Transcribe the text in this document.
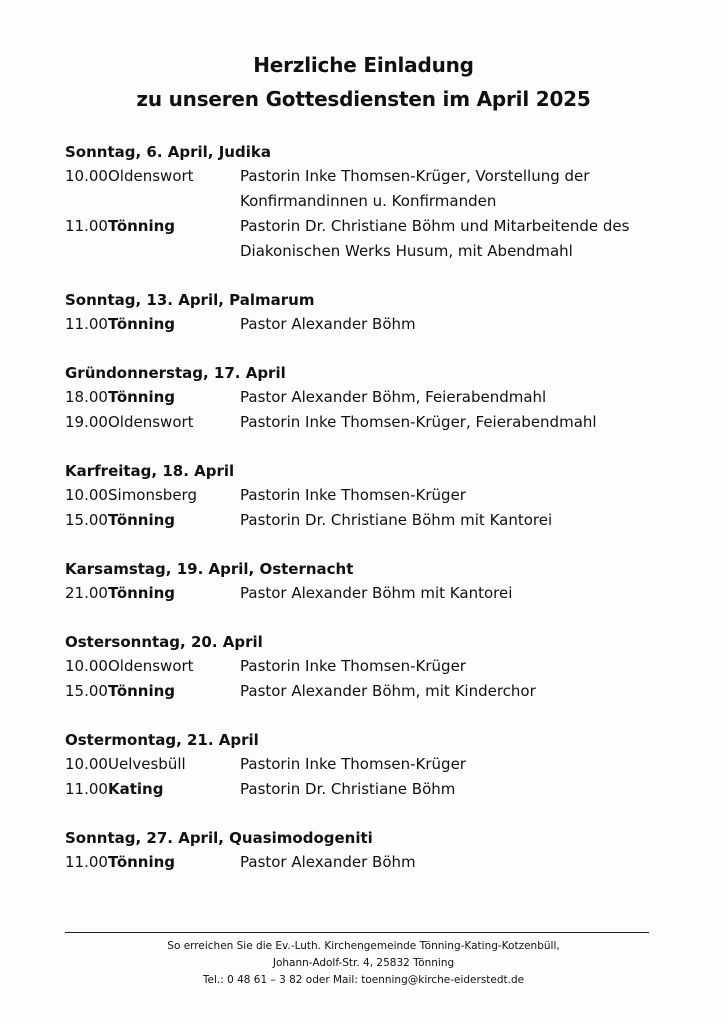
Herzliche Einladung
zu unseren Gottesdiensten im April 2025
Sonntag, 6. April, Judika
10.00 Oldenswort	Pastorin Inke Thomsen-Krüger, Vorstellung der
Konfirmandinnen u. Konfirmanden
11.00 Tönning	Pastorin Dr. Christiane Böhm und Mitarbeitende des
Diakonischen Werks Husum, mit Abendmahl
Sonntag, 13. April, Palmarum
11.00 Tönning	Pastor Alexander Böhm
Gründonnerstag, 17. April
18.00 Tönning	Pastor Alexander Böhm, Feierabendmahl
19.00 Oldenswort	Pastorin Inke Thomsen-Krüger, Feierabendmahl
Karfreitag, 18. April
10.00 Simonsberg	Pastorin Inke Thomsen-Krüger
15.00 Tönning	Pastorin Dr. Christiane Böhm mit Kantorei
Karsamstag, 19. April, Osternacht
21.00 Tönning	Pastor Alexander Böhm mit Kantorei
Ostersonntag, 20. April
10.00 Oldenswort	Pastorin Inke Thomsen-Krüger
15.00 Tönning	Pastor Alexander Böhm, mit Kinderchor
Ostermontag, 21. April
10.00 Uelvesbüll	Pastorin Inke Thomsen-Krüger
11.00 Kating	Pastorin Dr. Christiane Böhm
Sonntag, 27. April, Quasimodogeniti
11.00 Tönning	Pastor Alexander Böhm
So erreichen Sie die Ev.-Luth. Kirchengemeinde Tönning-Kating-Kotzenbüll,
Johann-Adolf-Str. 4, 25832 Tönning
Tel.: 0 48 61 – 3 82 oder Mail: toenning@kirche-eiderstedt.de
